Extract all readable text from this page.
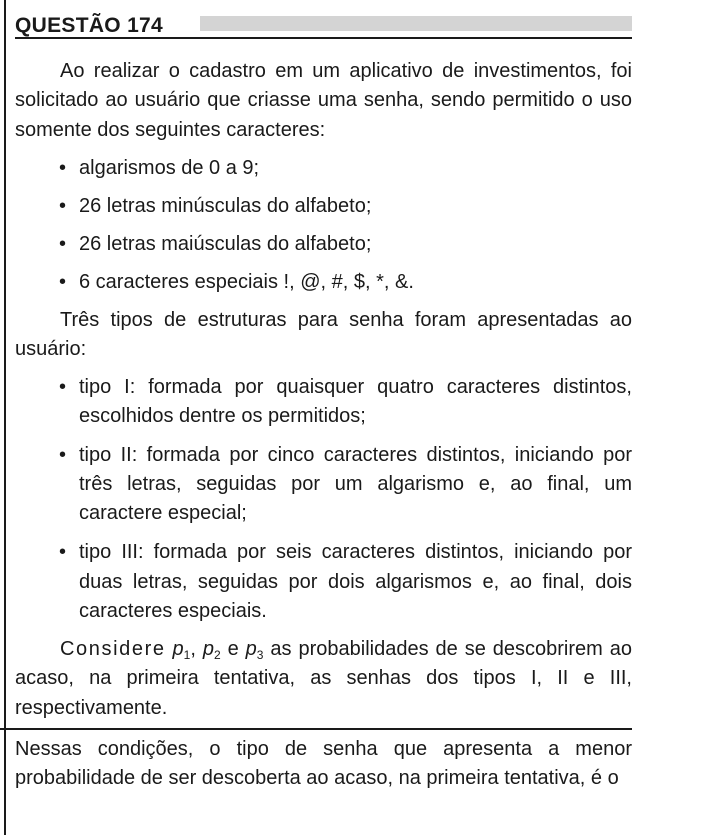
QUESTÃO 174

Ao realizar o cadastro em um aplicativo de investimentos, foi solicitado ao usuário que criasse uma senha, sendo permitido o uso somente dos seguintes caracteres:

• algarismos de 0 a 9;
• 26 letras minúsculas do alfabeto;
• 26 letras maiúsculas do alfabeto;
• 6 caracteres especiais !, @, #, $, *, &.

Três tipos de estruturas para senha foram apresentadas ao usuário:

• tipo I: formada por quaisquer quatro caracteres distintos, escolhidos dentre os permitidos;
• tipo II: formada por cinco caracteres distintos, iniciando por três letras, seguidas por um algarismo e, ao final, um caractere especial;
• tipo III: formada por seis caracteres distintos, iniciando por duas letras, seguidas por dois algarismos e, ao final, dois caracteres especiais.

Considere $p_1$, $p_2$ e $p_3$ as probabilidades de se descobrirem ao acaso, na primeira tentativa, as senhas dos tipos I, II e III, respectivamente.

Nessas condições, o tipo de senha que apresenta a menor probabilidade de ser descoberta ao acaso, na primeira tentativa, é o
